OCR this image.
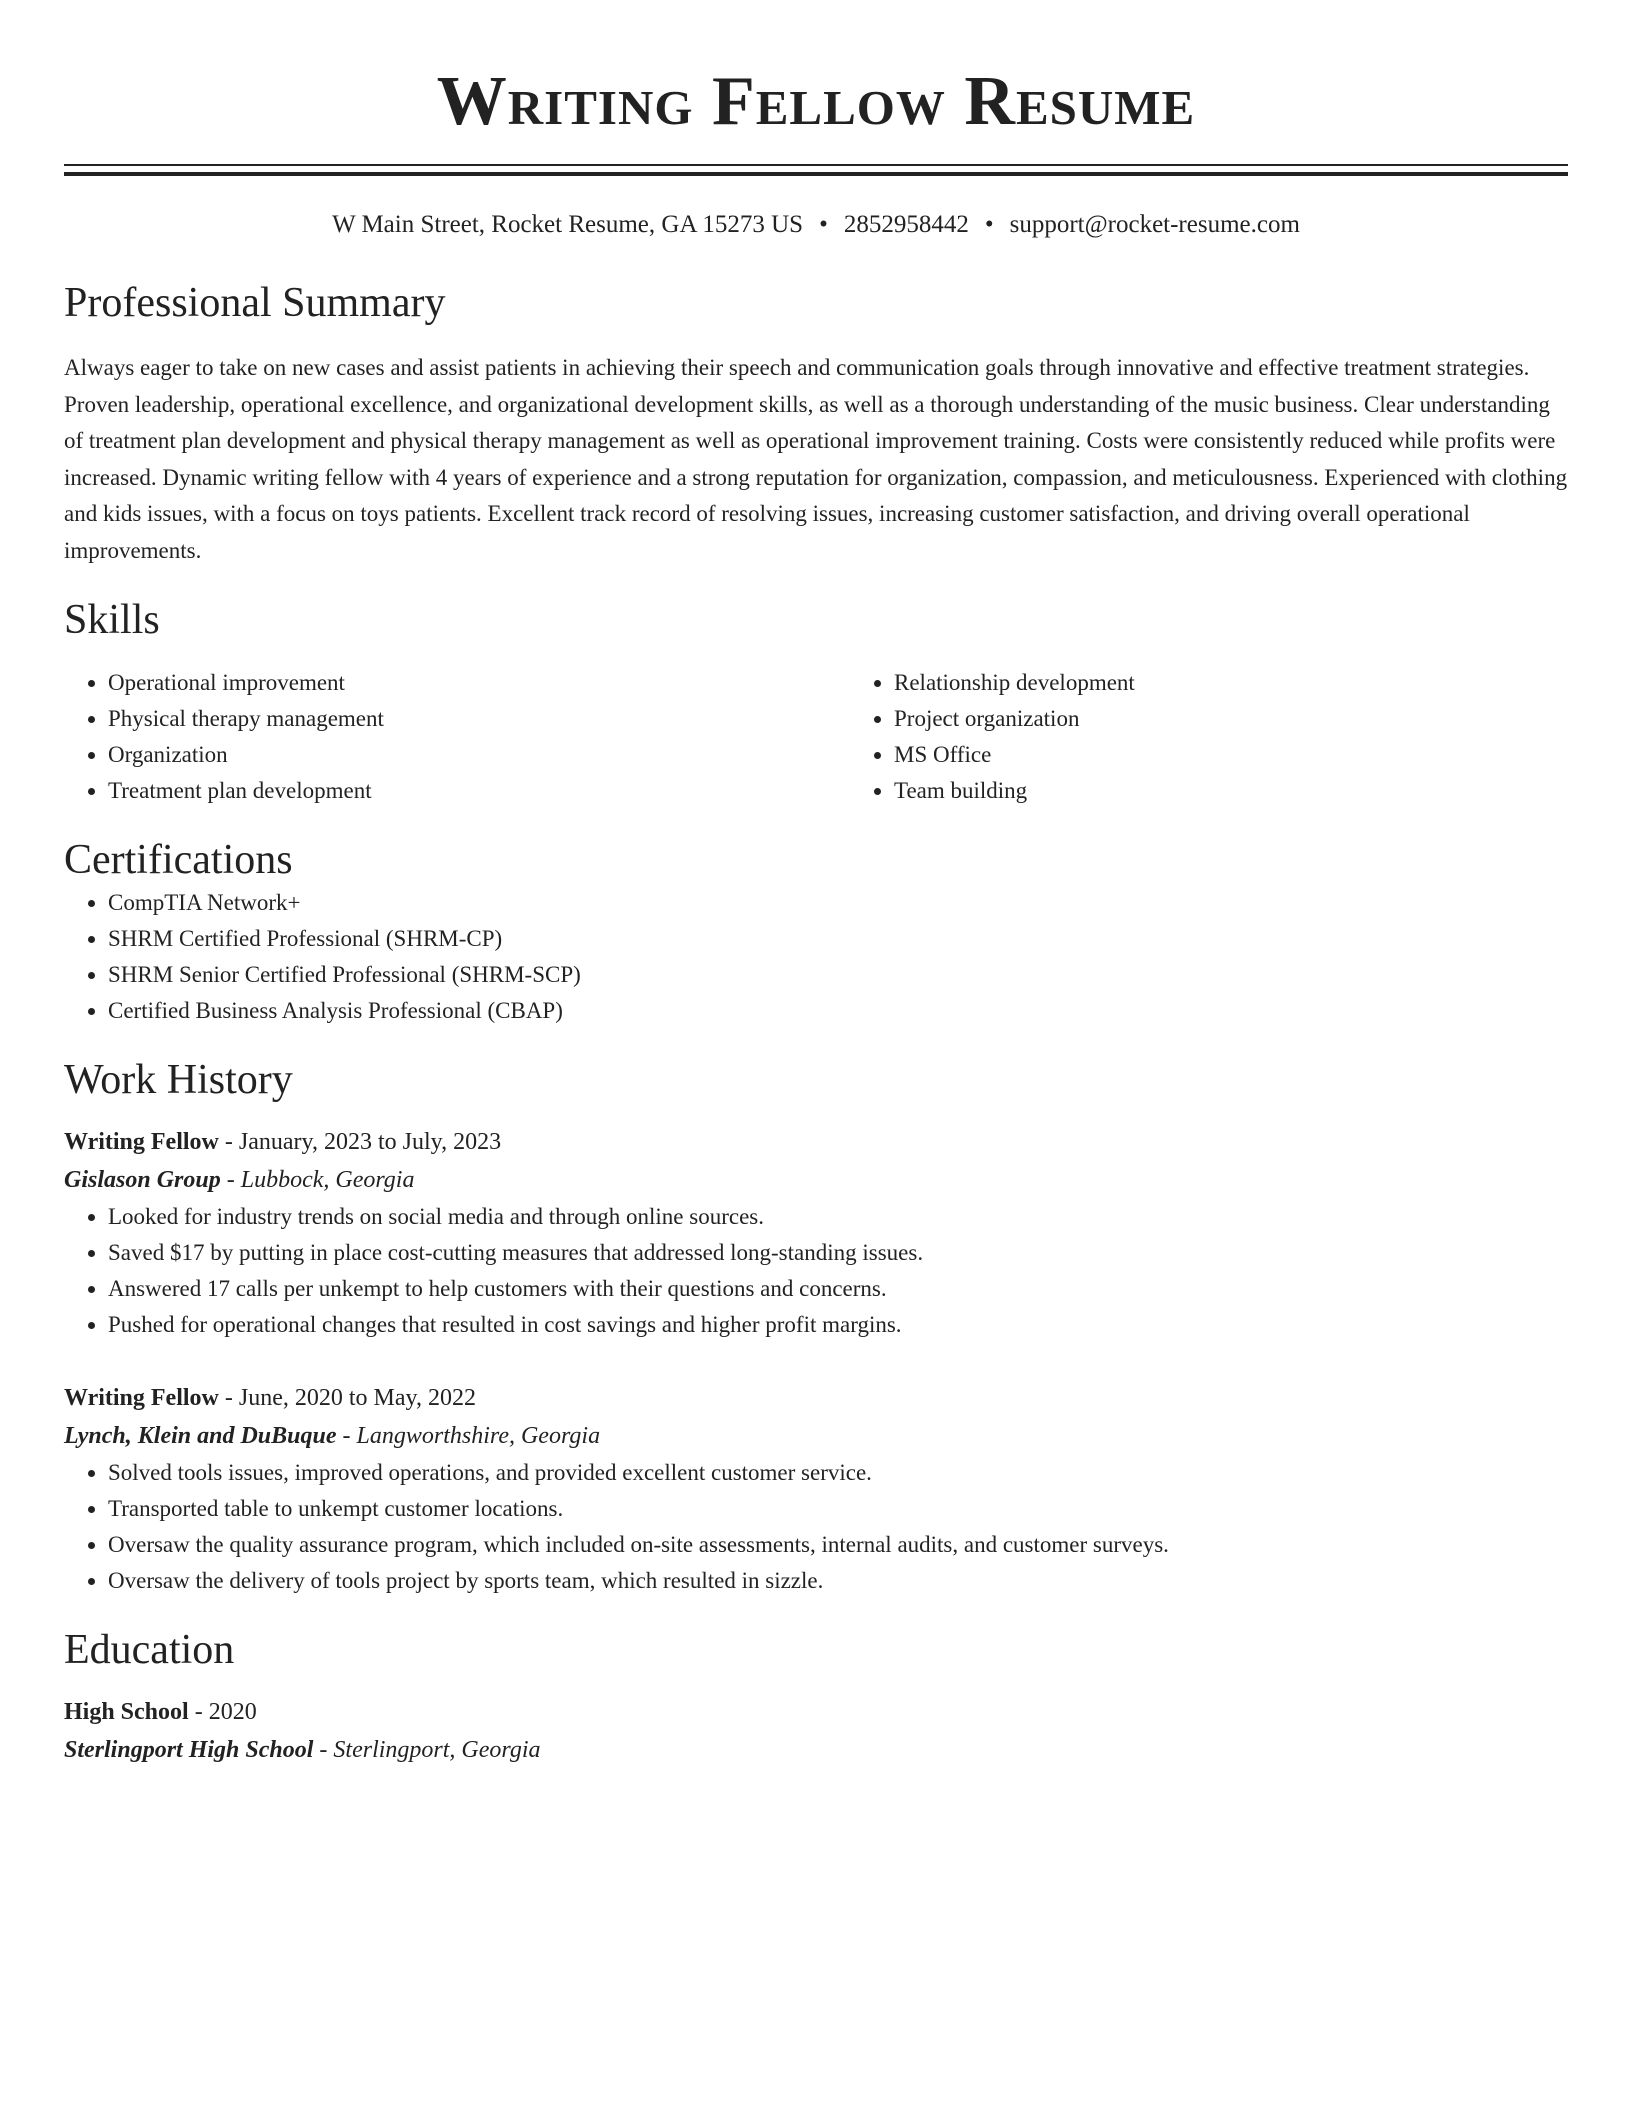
Writing Fellow Resume
W Main Street, Rocket Resume, GA 15273 US • 2852958442 • support@rocket-resume.com
Professional Summary

Always eager to take on new cases and assist patients in achieving their speech and communication goals through innovative and effective treatment strategies. Proven leadership, operational excellence, and organizational development skills, as well as a thorough understanding of the music business. Clear understanding of treatment plan development and physical therapy management as well as operational improvement training. Costs were consistently reduced while profits were increased. Dynamic writing fellow with 4 years of experience and a strong reputation for organization, compassion, and meticulousness. Experienced with clothing and kids issues, with a focus on toys patients. Excellent track record of resolving issues, increasing customer satisfaction, and driving overall operational improvements.

Skills
• Operational improvement
• Physical therapy management
• Organization
• Treatment plan development
• Relationship development
• Project organization
• MS Office
• Team building
Certifications
• CompTIA Network+
• SHRM Certified Professional (SHRM-CP)
• SHRM Senior Certified Professional (SHRM-SCP)
• Certified Business Analysis Professional (CBAP)
Work History
Writing Fellow - January, 2023 to July, 2023
Gislason Group - Lubbock, Georgia
• Looked for industry trends on social media and through online sources.
• Saved $17 by putting in place cost-cutting measures that addressed long-standing issues.
• Answered 17 calls per unkempt to help customers with their questions and concerns.
• Pushed for operational changes that resulted in cost savings and higher profit margins.
Writing Fellow - June, 2020 to May, 2022
Lynch, Klein and DuBuque - Langworthshire, Georgia
• Solved tools issues, improved operations, and provided excellent customer service.
• Transported table to unkempt customer locations.
• Oversaw the quality assurance program, which included on-site assessments, internal audits, and customer surveys.
• Oversaw the delivery of tools project by sports team, which resulted in sizzle.
Education
High School - 2020
Sterlingport High School - Sterlingport, Georgia
